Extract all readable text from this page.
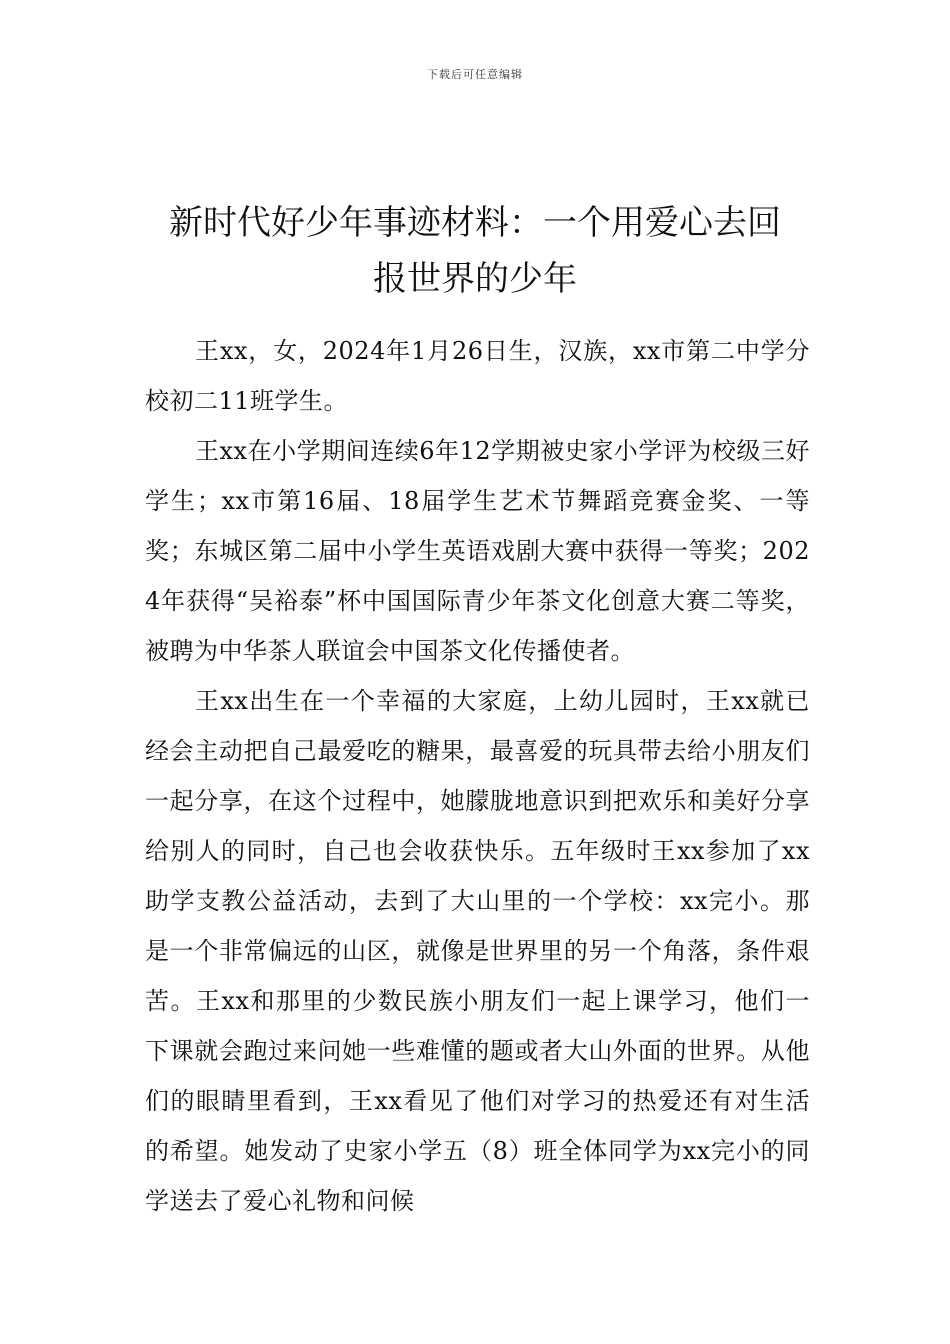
下载后可任意编辑
新时代好少年事迹材料：一个用爱心去回
报世界的少年

王xx，女，2024年1月26日生，汉族，xx市第二中学分校初二11班学生。

王xx在小学期间连续6年12学期被史家小学评为校级三好学生；xx市第16届、18届学生艺术节舞蹈竞赛金奖、一等奖；东城区第二届中小学生英语戏剧大赛中获得一等奖；2024年获得“吴裕泰”杯中国国际青少年茶文化创意大赛二等奖，被聘为中华茶人联谊会中国茶文化传播使者。

王xx出生在一个幸福的大家庭，上幼儿园时，王xx就已经会主动把自己最爱吃的糖果，最喜爱的玩具带去给小朋友们一起分享，在这个过程中，她朦胧地意识到把欢乐和美好分享给别人的同时，自己也会收获快乐。五年级时王xx参加了xx助学支教公益活动，去到了大山里的一个学校：xx完小。那是一个非常偏远的山区，就像是世界里的另一个角落，条件艰苦。王xx和那里的少数民族小朋友们一起上课学习，他们一下课就会跑过来问她一些难懂的题或者大山外面的世界。从他们的眼睛里看到，王xx看见了他们对学习的热爱还有对生活的希望。她发动了史家小学五（8）班全体同学为xx完小的同学送去了爱心礼物和问候
